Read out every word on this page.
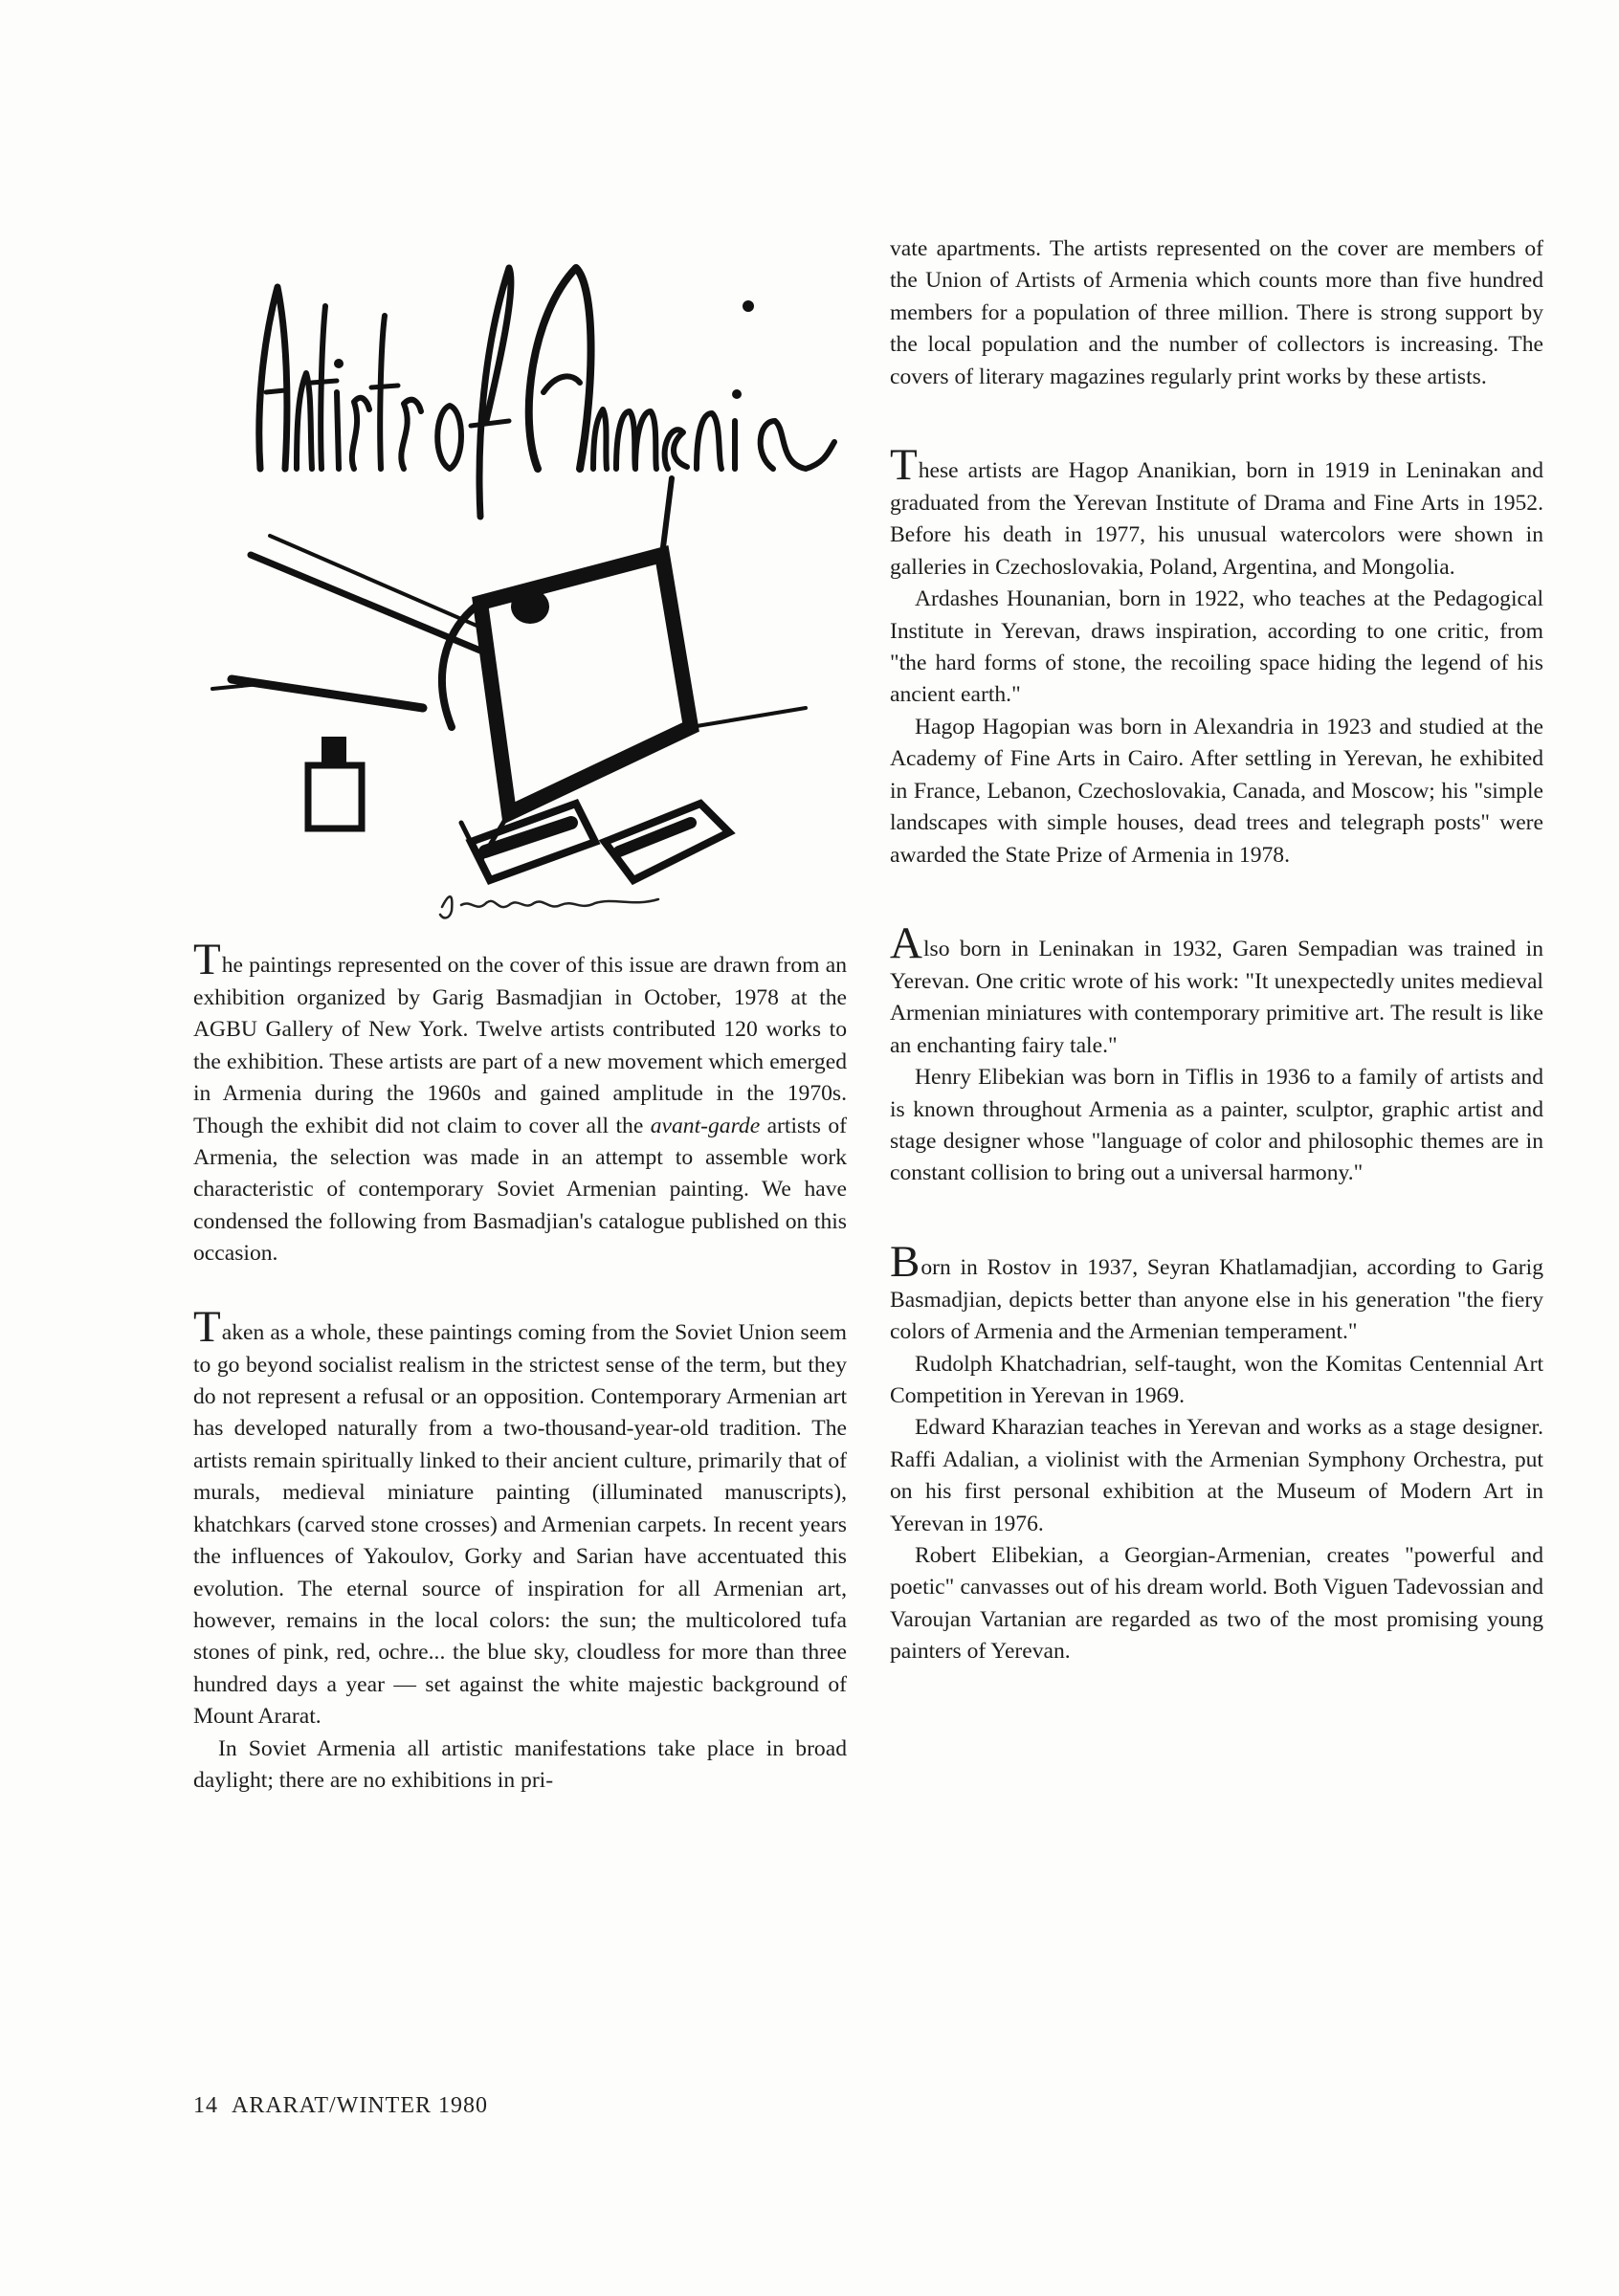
The paintings represented on the cover of this issue are drawn from an exhibition organized by Garig Basmadjian in October, 1978 at the AGBU Gallery of New York. Twelve artists contributed 120 works to the exhibition. These artists are part of a new movement which emerged in Armenia during the 1960s and gained amplitude in the 1970s. Though the exhibit did not claim to cover all the avant-garde artists of Armenia, the selection was made in an attempt to assemble work characteristic of contemporary Soviet Armenian painting. We have condensed the following from Basmadjian's catalogue published on this occasion.

Taken as a whole, these paintings coming from the Soviet Union seem to go beyond socialist realism in the strictest sense of the term, but they do not represent a refusal or an opposition. Contemporary Armenian art has developed naturally from a two-thousand-year-old tradition. The artists remain spiritually linked to their ancient culture, primarily that of murals, medieval miniature painting (illuminated manuscripts), khatchkars (carved stone crosses) and Armenian carpets. In recent years the influences of Yakoulov, Gorky and Sarian have accentuated this evolution. The eternal source of inspiration for all Armenian art, however, remains in the local colors: the sun; the multicolored tufa stones of pink, red, ochre... the blue sky, cloudless for more than three hundred days a year — set against the white majestic background of Mount Ararat.

In Soviet Armenia all artistic manifestations take place in broad daylight; there are no exhibitions in pri-

vate apartments. The artists represented on the cover are members of the Union of Artists of Armenia which counts more than five hundred members for a population of three million. There is strong support by the local population and the number of collectors is increasing. The covers of literary magazines regularly print works by these artists.

These artists are Hagop Ananikian, born in 1919 in Leninakan and graduated from the Yerevan Institute of Drama and Fine Arts in 1952. Before his death in 1977, his unusual watercolors were shown in galleries in Czechoslovakia, Poland, Argentina, and Mongolia.

Ardashes Hounanian, born in 1922, who teaches at the Pedagogical Institute in Yerevan, draws inspiration, according to one critic, from "the hard forms of stone, the recoiling space hiding the legend of his ancient earth."

Hagop Hagopian was born in Alexandria in 1923 and studied at the Academy of Fine Arts in Cairo. After settling in Yerevan, he exhibited in France, Lebanon, Czechoslovakia, Canada, and Moscow; his "simple landscapes with simple houses, dead trees and telegraph posts" were awarded the State Prize of Armenia in 1978.

Also born in Leninakan in 1932, Garen Sempadian was trained in Yerevan. One critic wrote of his work: "It unexpectedly unites medieval Armenian miniatures with contemporary primitive art. The result is like an enchanting fairy tale."

Henry Elibekian was born in Tiflis in 1936 to a family of artists and is known throughout Armenia as a painter, sculptor, graphic artist and stage designer whose "language of color and philosophic themes are in constant collision to bring out a universal harmony."

Born in Rostov in 1937, Seyran Khatlamadjian, according to Garig Basmadjian, depicts better than anyone else in his generation "the fiery colors of Armenia and the Armenian temperament."

Rudolph Khatchadrian, self-taught, won the Komitas Centennial Art Competition in Yerevan in 1969.

Edward Kharazian teaches in Yerevan and works as a stage designer. Raffi Adalian, a violinist with the Armenian Symphony Orchestra, put on his first personal exhibition at the Museum of Modern Art in Yerevan in 1976.

Robert Elibekian, a Georgian-Armenian, creates "powerful and poetic" canvasses out of his dream world. Both Viguen Tadevossian and Varoujan Vartanian are regarded as two of the most promising young painters of Yerevan.

14 ARARAT/WINTER 1980
